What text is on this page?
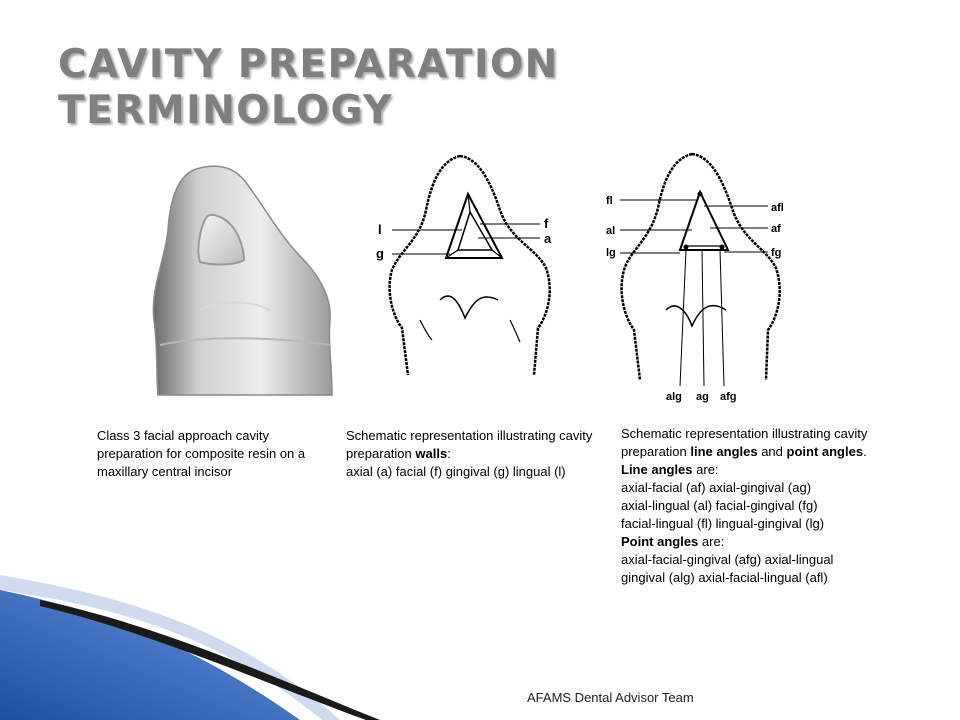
CAVITY PREPARATION
TERMINOLOGY
l
g
f
a
fl
al
lg
afl
af
fg
alg ag afg
Class 3 facial approach cavity preparation for composite resin on a maxillary central incisor
Schematic representation illustrating cavity preparation walls:
axial (a) facial (f) gingival (g) lingual (l)
Schematic representation illustrating cavity preparation line angles and point angles.
Line angles are:
axial-facial (af) axial-gingival (ag)
axial-lingual (al) facial-gingival (fg)
facial-lingual (fl) lingual-gingival (lg)
Point angles are:
axial-facial-gingival (afg) axial-lingual
gingival (alg) axial-facial-lingual (afl)
AFAMS Dental Advisor Team
